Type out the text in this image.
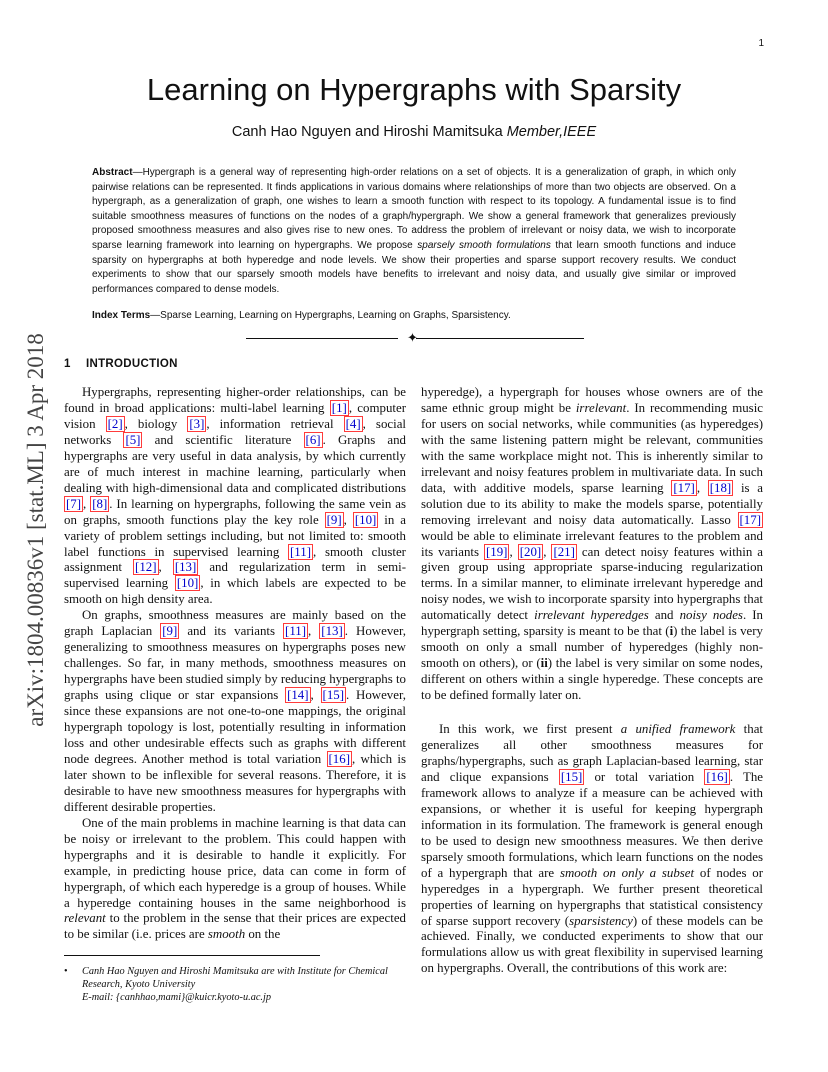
1
Learning on Hypergraphs with Sparsity
Canh Hao Nguyen and Hiroshi Mamitsuka Member,IEEE
Abstract—Hypergraph is a general way of representing high-order relations on a set of objects. It is a generalization of graph, in which only pairwise relations can be represented. It finds applications in various domains where relationships of more than two objects are observed. On a hypergraph, as a generalization of graph, one wishes to learn a smooth function with respect to its topology. A fundamental issue is to find suitable smoothness measures of functions on the nodes of a graph/hypergraph. We show a general framework that generalizes previously proposed smoothness measures and also gives rise to new ones. To address the problem of irrelevant or noisy data, we wish to incorporate sparse learning framework into learning on hypergraphs. We propose sparsely smooth formulations that learn smooth functions and induce sparsity on hypergraphs at both hyperedge and node levels. We show their properties and sparse support recovery results. We conduct experiments to show that our sparsely smooth models have benefits to irrelevant and noisy data, and usually give similar or improved performances compared to dense models.
Index Terms—Sparse Learning, Learning on Hypergraphs, Learning on Graphs, Sparsistency.
✦
arXiv:1804.00836v1 [stat.ML] 3 Apr 2018 1 INTRODUCTION

Hypergraphs, representing higher-order relationships, can be found in broad applications: multi-label learning [1] , computer vision [2] , biology [3] , information retrieval [4] , social networks [5] and scientific literature [6] . Graphs and hypergraphs are very useful in data analysis, by which currently are of much interest in machine learning, particularly when dealing with high-dimensional data and complicated distributions [7] , [8] . In learning on hypergraphs, following the same vein as on graphs, smooth functions play the key role [9] , [10] in a variety of problem settings including, but not limited to: smooth label functions in supervised learning [11] , smooth cluster assignment [12] , [13] and regularization term in semi-supervised learning [10] , in which labels are expected to be smooth on high density area.

On graphs, smoothness measures are mainly based on the graph Laplacian [9] and its variants [11] , [13] . However, generalizing to smoothness measures on hypergraphs poses new challenges. So far, in many methods, smoothness measures on hypergraphs have been studied simply by reducing hypergraphs to graphs using clique or star expansions [14] , [15] . However, since these expansions are not one-to-one mappings, the original hypergraph topology is lost, potentially resulting in information loss and other undesirable effects such as graphs with different node degrees. Another method is total variation [16] , which is later shown to be inflexible for several reasons. Therefore, it is desirable to have new smoothness measures for hypergraphs with different desirable properties.

One of the main problems in machine learning is that data can be noisy or irrelevant to the problem. This could happen with hypergraphs and it is desirable to handle it explicitly. For example, in predicting house price, data can come in form of hypergraph, of which each hyperedge is a group of houses. While a hyperedge containing houses in the same neighborhood is relevant to the problem in the sense that their prices are expected to be similar (i.e. prices are smooth on the

• Canh Hao Nguyen and Hiroshi Mamitsuka are with Institute for Chemical Research, Kyoto University
E-mail: {canhhao,mami}@kuicr.kyoto-u.ac.jp

hyperedge), a hypergraph for houses whose owners are of the same ethnic group might be irrelevant. In recommending music for users on social networks, while communities (as hyperedges) with the same listening pattern might be relevant, communities with the same workplace might not. This is inherently similar to irrelevant and noisy features problem in multivariate data. In such data, with additive models, sparse learning [17] , [18] is a solution due to its ability to make the models sparse, potentially removing irrelevant and noisy data automatically. Lasso [17] would be able to eliminate irrelevant features to the problem and its variants [19] , [20] , [21] can detect noisy features within a given group using appropriate sparse-inducing regularization terms. In a similar manner, to eliminate irrelevant hyperedge and noisy nodes, we wish to incorporate sparsity into hypergraphs that automatically detect irrelevant hyperedges and noisy nodes. In hypergraph setting, sparsity is meant to be that (i) the label is very smooth on only a small number of hyperedges (highly non-smooth on others), or (ii) the label is very similar on some nodes, different on others within a single hyperedge. These concepts are to be defined formally later on.

In this work, we first present a unified framework that generalizes all other smoothness measures for graphs/hypergraphs, such as graph Laplacian-based learning, star and clique expansions [15] or total variation [16] . The framework allows to analyze if a measure can be achieved with expansions, or whether it is useful for keeping hypergraph information in its formulation. The framework is general enough to be used to design new smoothness measures. We then derive sparsely smooth formulations, which learn functions on the nodes of a hypergraph that are smooth on only a subset of nodes or hyperedges in a hypergraph. We further present theoretical properties of learning on hypergraphs that statistical consistency of sparse support recovery (sparsistency) of these models can be achieved. Finally, we conducted experiments to show that our formulations allow us with great flexibility in supervised learning on hypergraphs. Overall, the contributions of this work are:
